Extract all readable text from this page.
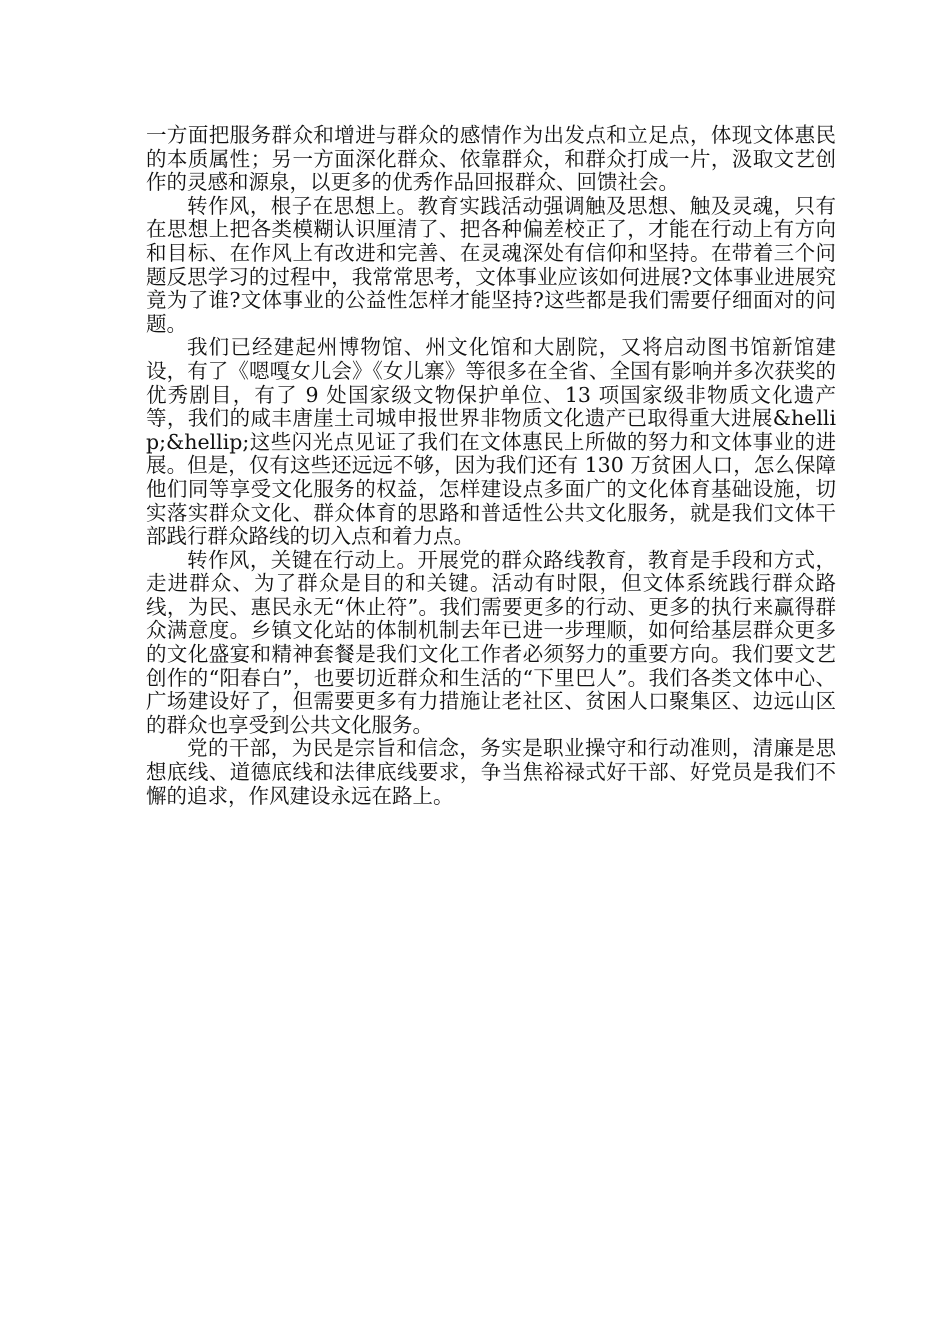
一方面把服务群众和增进与群众的感情作为出发点和立足点，体现文体惠民的本质属性；另一方面深化群众、依靠群众，和群众打成一片，汲取文艺创作的灵感和源泉，以更多的优秀作品回报群众、回馈社会。

转作风，根子在思想上。教育实践活动强调触及思想、触及灵魂，只有在思想上把各类模糊认识厘清了、把各种偏差校正了，才能在行动上有方向和目标、在作风上有改进和完善、在灵魂深处有信仰和坚持。在带着三个问题反思学习的过程中，我常常思考，文体事业应该如何进展?文体事业进展究竟为了谁?文体事业的公益性怎样才能坚持?这些都是我们需要仔细面对的问题。

我们已经建起州博物馆、州文化馆和大剧院，又将启动图书馆新馆建设，有了《嗯嘎女儿会》《女儿寨》等很多在全省、全国有影响并多次获奖的优秀剧目，有了 9 处国家级文物保护单位、13 项国家级非物质文化遗产等，我们的咸丰唐崖土司城申报世界非物质文化遗产已取得重大进展&hellip;&hellip;这些闪光点见证了我们在文体惠民上所做的努力和文体事业的进展。但是，仅有这些还远远不够，因为我们还有 130 万贫困人口，怎么保障他们同等享受文化服务的权益，怎样建设点多面广的文化体育基础设施，切实落实群众文化、群众体育的思路和普适性公共文化服务，就是我们文体干部践行群众路线的切入点和着力点。

转作风，关键在行动上。开展党的群众路线教育，教育是手段和方式，走进群众、为了群众是目的和关键。活动有时限，但文体系统践行群众路线，为民、惠民永无“休止符”。我们需要更多的行动、更多的执行来赢得群众满意度。乡镇文化站的体制机制去年已进一步理顺，如何给基层群众更多的文化盛宴和精神套餐是我们文化工作者必须努力的重要方向。我们要文艺创作的“阳春白”，也要切近群众和生活的“下里巴人”。我们各类文体中心、广场建设好了，但需要更多有力措施让老社区、贫困人口聚集区、边远山区的群众也享受到公共文化服务。

党的干部，为民是宗旨和信念，务实是职业操守和行动准则，清廉是思想底线、道德底线和法律底线要求，争当焦裕禄式好干部、好党员是我们不懈的追求，作风建设永远在路上。
